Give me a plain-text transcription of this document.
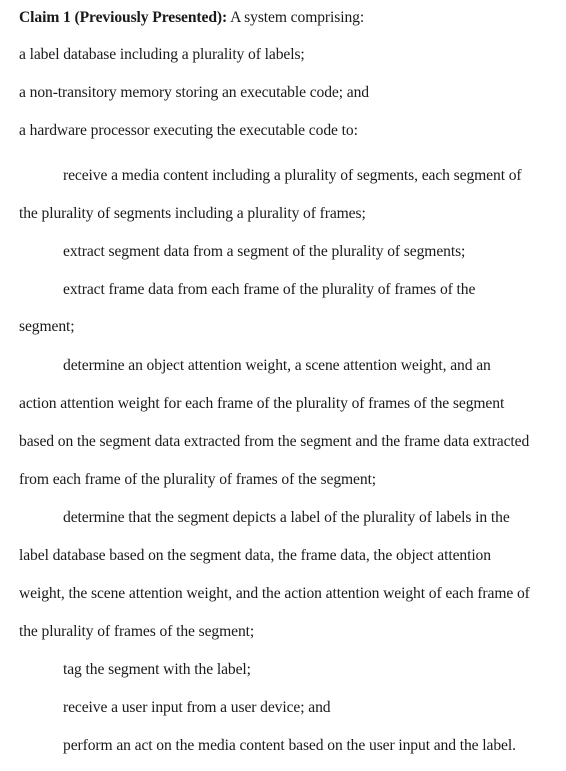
Claim 1 (Previously Presented): A system comprising:
a label database including a plurality of labels;
a non-transitory memory storing an executable code; and
a hardware processor executing the executable code to:
receive a media content including a plurality of segments, each segment of
the plurality of segments including a plurality of frames;
extract segment data from a segment of the plurality of segments;
extract frame data from each frame of the plurality of frames of the
segment;
determine an object attention weight, a scene attention weight, and an
action attention weight for each frame of the plurality of frames of the segment
based on the segment data extracted from the segment and the frame data extracted
from each frame of the plurality of frames of the segment;
determine that the segment depicts a label of the plurality of labels in the
label database based on the segment data, the frame data, the object attention
weight, the scene attention weight, and the action attention weight of each frame of
the plurality of frames of the segment;
tag the segment with the label;
receive a user input from a user device; and
perform an act on the media content based on the user input and the label.
